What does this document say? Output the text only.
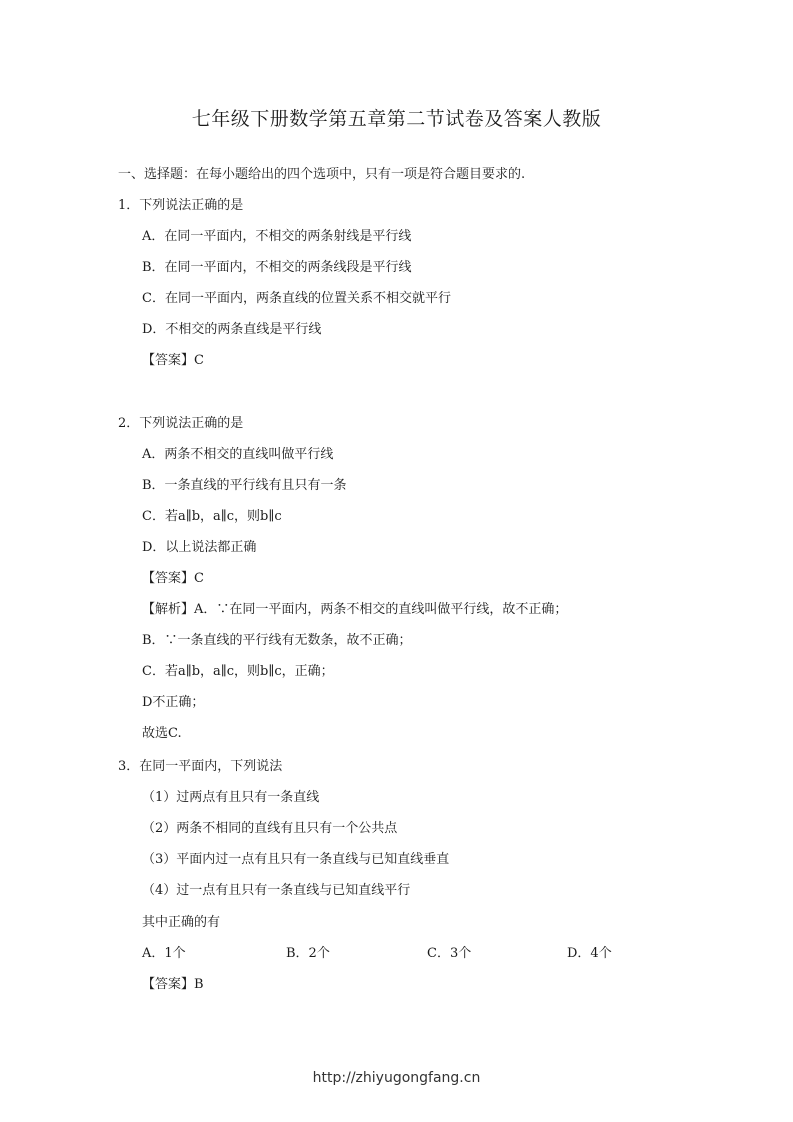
七年级下册数学第五章第二节试卷及答案人教版
一、选择题：在每小题给出的四个选项中，只有一项是符合题目要求的.
1．下列说法正确的是
A．在同一平面内，不相交的两条射线是平行线
B．在同一平面内，不相交的两条线段是平行线
C．在同一平面内，两条直线的位置关系不相交就平行
D．不相交的两条直线是平行线
【答案】C
2．下列说法正确的是
A．两条不相交的直线叫做平行线
B．一条直线的平行线有且只有一条
C．若a∥b，a∥c，则b∥c
D．以上说法都正确
【答案】C
【解析】A．∵在同一平面内，两条不相交的直线叫做平行线，故不正确；
B．∵一条直线的平行线有无数条，故不正确；
C．若a∥b，a∥c，则b∥c，正确；
D不正确；
故选C.
3．在同一平面内，下列说法
（1）过两点有且只有一条直线
（2）两条不相同的直线有且只有一个公共点
（3）平面内过一点有且只有一条直线与已知直线垂直
（4）过一点有且只有一条直线与已知直线平行
其中正确的有
A．1个	B．2个	C．3个	D．4个
【答案】B
http://zhiyugongfang.cn
